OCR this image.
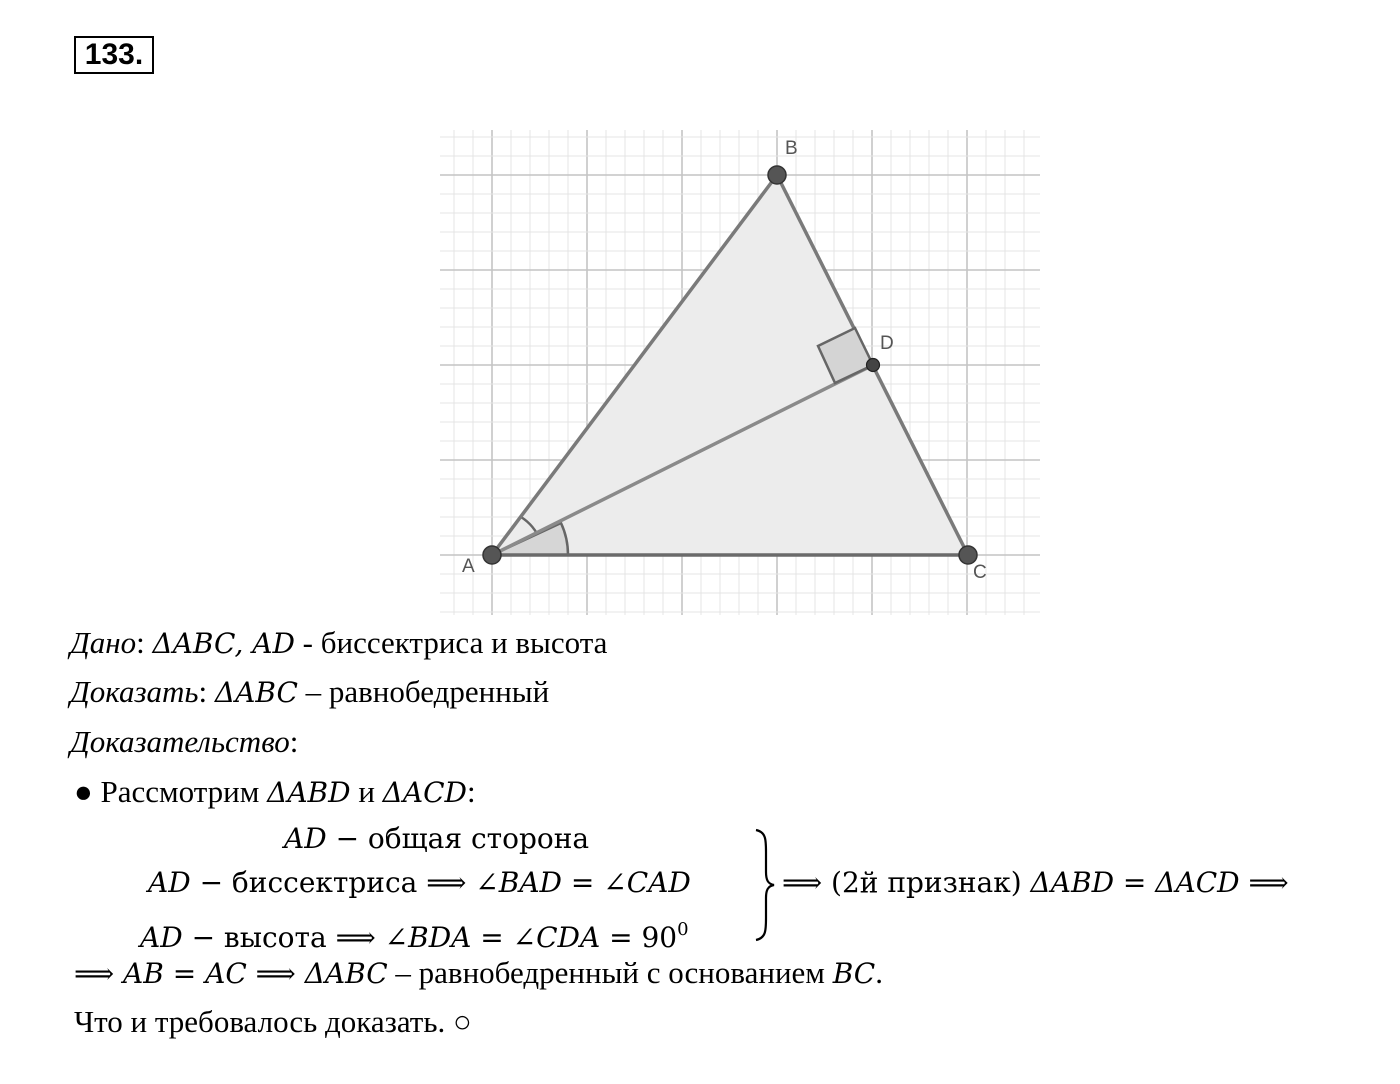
133.
A
B
C
D
Дано: ΔABC, AD - биссектриса и высота
Доказать: ΔABC – равнобедренный
Доказательство:
● Рассмотрим ΔABD и ΔACD:
AD − общая сторона
AD − биссектриса ⟹ ∠BAD = ∠CAD
AD − высота ⟹ ∠BDA = ∠CDA = $90^0$
⟹ (2й признак) ΔABD = ΔACD ⟹
⟹ AB = AC ⟹ ΔABC – равнобедренный с основанием BC.
Что и требовалось доказать. ○
